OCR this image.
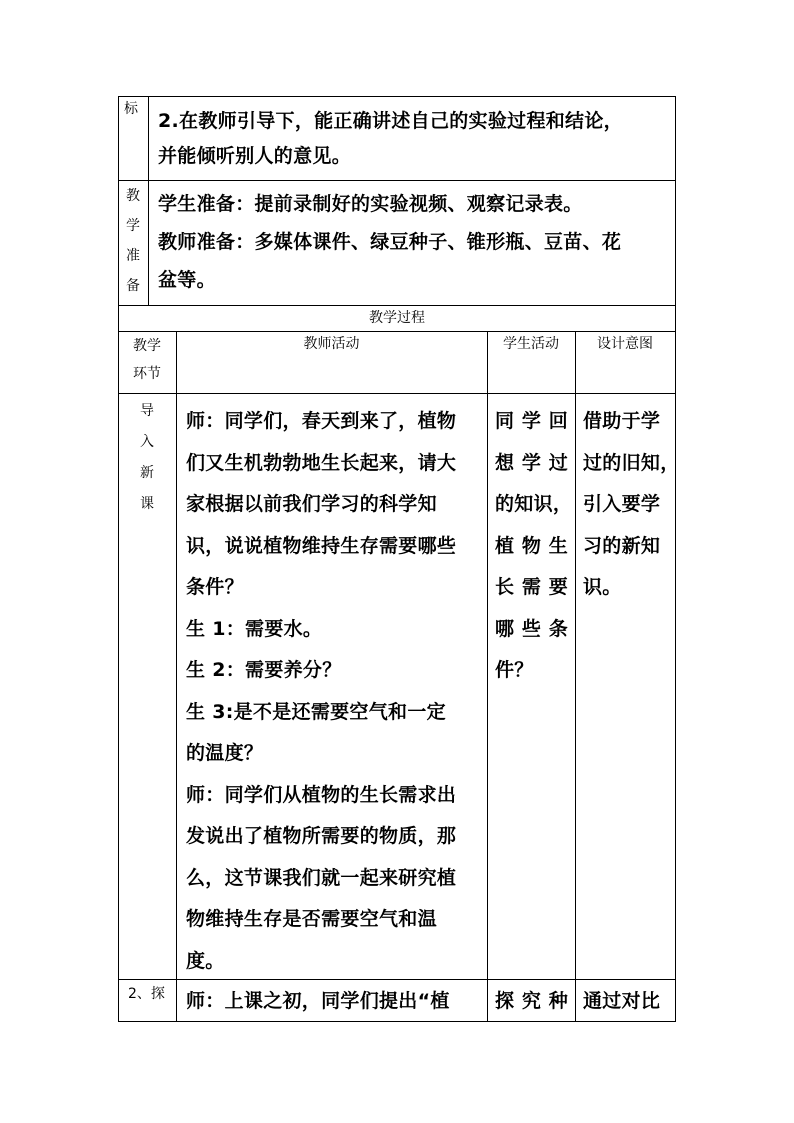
标
2.在教师引导下，能正确讲述自己的实验过程和结论，
并能倾听别人的意见。
教
学
准
备
学生准备：提前录制好的实验视频、观察记录表。
教师准备：多媒体课件、绿豆种子、锥形瓶、豆苗、花
盆等。
教学过程
教学
环节
教师活动	学生活动	设计意图
导
入
新
课
师：同学们，春天到来了，植物
们又生机勃勃地生长起来，请大
家根据以前我们学习的科学知
识，说说植物维持生存需要哪些
条件？
生 1：需要水。
生 2：需要养分？
生 3:是不是还需要空气和一定
的温度？
师：同学们从植物的生长需求出
发说出了植物所需要的物质，那
么，这节课我们就一起来研究植
物维持生存是否需要空气和温
度。
同学回
想学过
的知识，
植物生
长需要
哪些条
件？
借助于学
过的旧知，
引入要学
习的新知
识。
2、探 师：上课之初，同学们提出“植 探究种 通过对比
